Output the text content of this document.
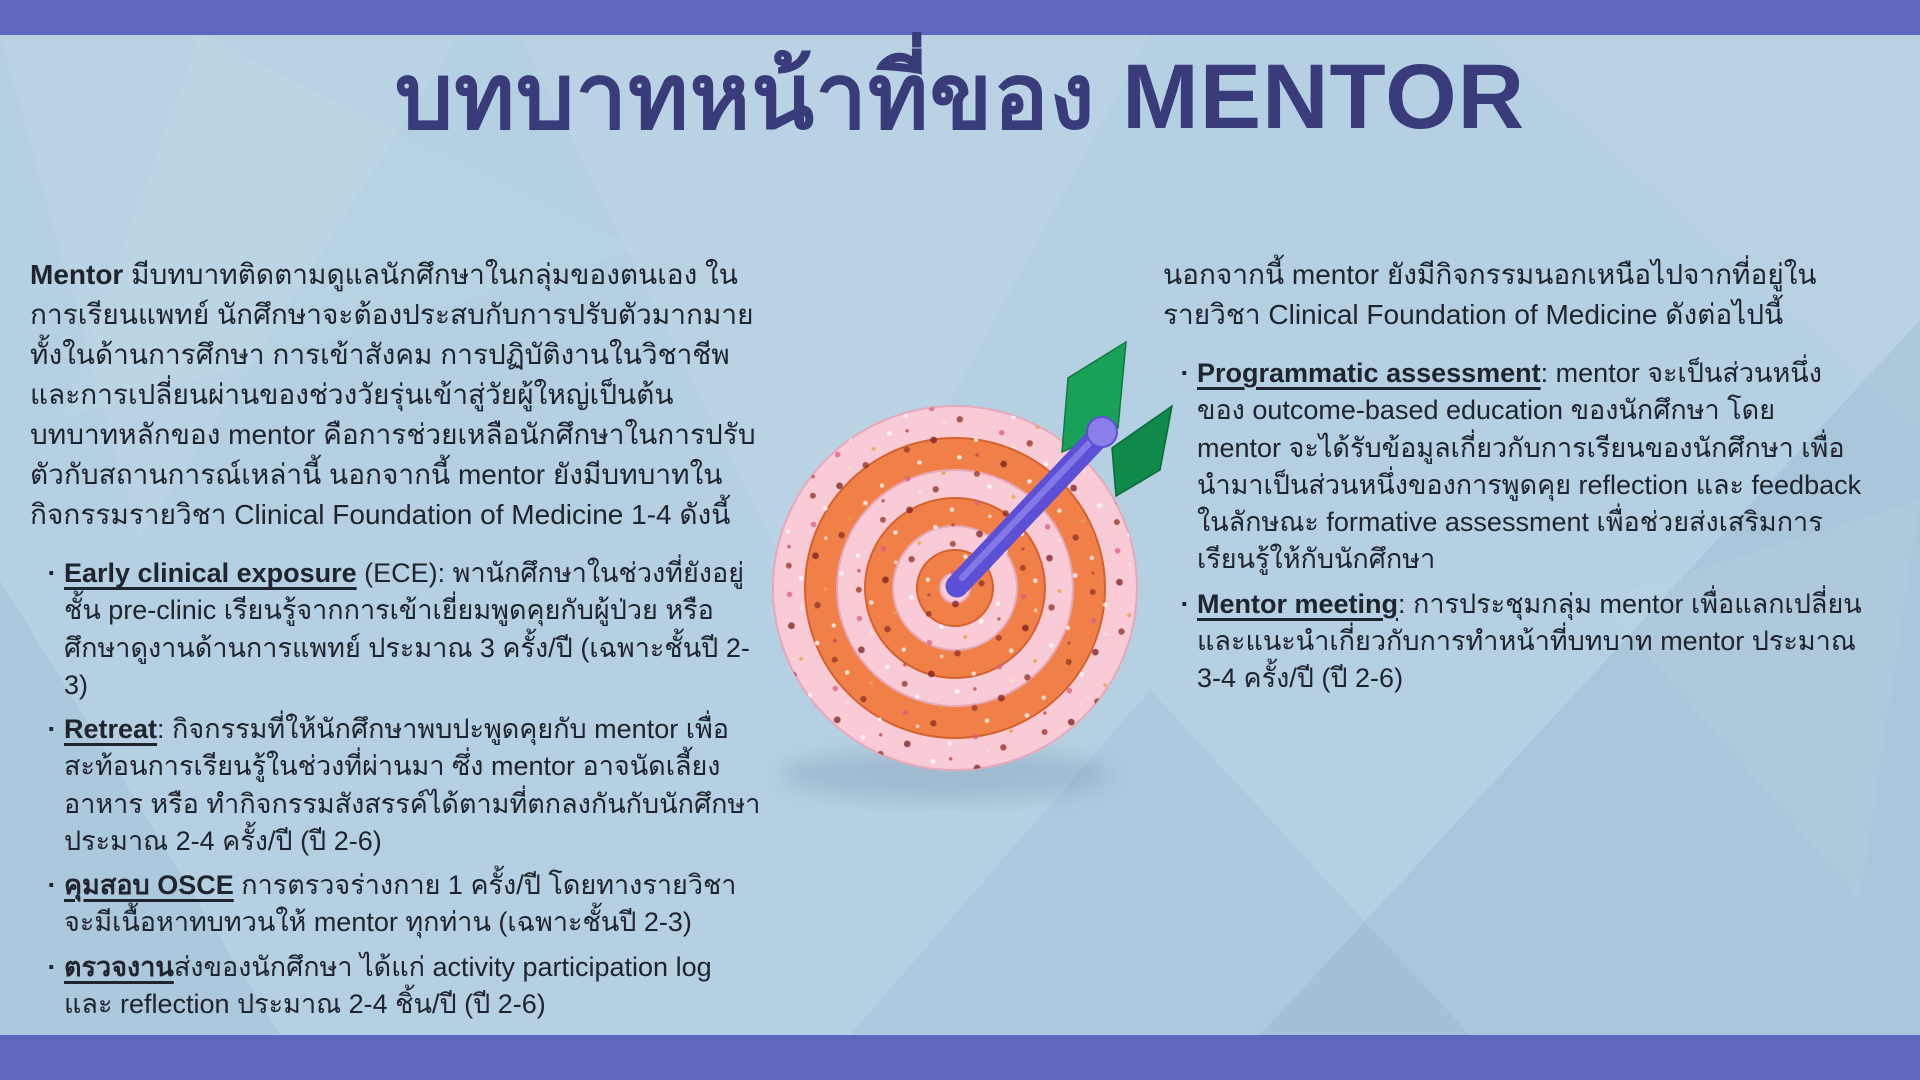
บทบาทหน้าที่ของ MENTOR

Mentor มีบทบาทติดตามดูแลนักศึกษาในกลุ่มของตนเอง ในการเรียนแพทย์ นักศึกษาจะต้องประสบกับการปรับตัวมากมาย ทั้งในด้านการศึกษา การเข้าสังคม การปฏิบัติงานในวิชาชีพ และการเปลี่ยนผ่านของช่วงวัยรุ่นเข้าสู่วัยผู้ใหญ่เป็นต้น บทบาทหลักของ mentor คือการช่วยเหลือนักศึกษาในการปรับตัวกับสถานการณ์เหล่านี้ นอกจากนี้ mentor ยังมีบทบาทในกิจกรรมรายวิชา Clinical Foundation of Medicine 1-4 ดังนี้

· Early clinical exposure (ECE): พานักศึกษาในช่วงที่ยังอยู่ชั้น pre-clinic เรียนรู้จากการเข้าเยี่ยมพูดคุยกับผู้ป่วย หรือศึกษาดูงานด้านการแพทย์ ประมาณ 3 ครั้ง/ปี (เฉพาะชั้นปี 2-3)
· Retreat: กิจกรรมที่ให้นักศึกษาพบปะพูดคุยกับ mentor เพื่อสะท้อนการเรียนรู้ในช่วงที่ผ่านมา ซึ่ง mentor อาจนัดเลี้ยงอาหาร หรือ ทำกิจกรรมสังสรรค์ได้ตามที่ตกลงกันกับนักศึกษา ประมาณ 2-4 ครั้ง/ปี (ปี 2-6)
· คุมสอบ OSCE การตรวจร่างกาย 1 ครั้ง/ปี โดยทางรายวิชาจะมีเนื้อหาทบทวนให้ mentor ทุกท่าน (เฉพาะชั้นปี 2-3)
· ตรวจงานส่งของนักศึกษา ได้แก่ activity participation log และ reflection ประมาณ 2-4 ชิ้น/ปี (ปี 2-6)

นอกจากนี้ mentor ยังมีกิจกรรมนอกเหนือไปจากที่อยู่ในรายวิชา Clinical Foundation of Medicine ดังต่อไปนี้

· Programmatic assessment: mentor จะเป็นส่วนหนึ่งของ outcome-based education ของนักศึกษา โดย mentor จะได้รับข้อมูลเกี่ยวกับการเรียนของนักศึกษา เพื่อนำมาเป็นส่วนหนึ่งของการพูดคุย reflection และ feedback ในลักษณะ formative assessment เพื่อช่วยส่งเสริมการเรียนรู้ให้กับนักศึกษา
· Mentor meeting: การประชุมกลุ่ม mentor เพื่อแลกเปลี่ยน และแนะนำเกี่ยวกับการทำหน้าที่บทบาท mentor ประมาณ 3-4 ครั้ง/ปี (ปี 2-6)
